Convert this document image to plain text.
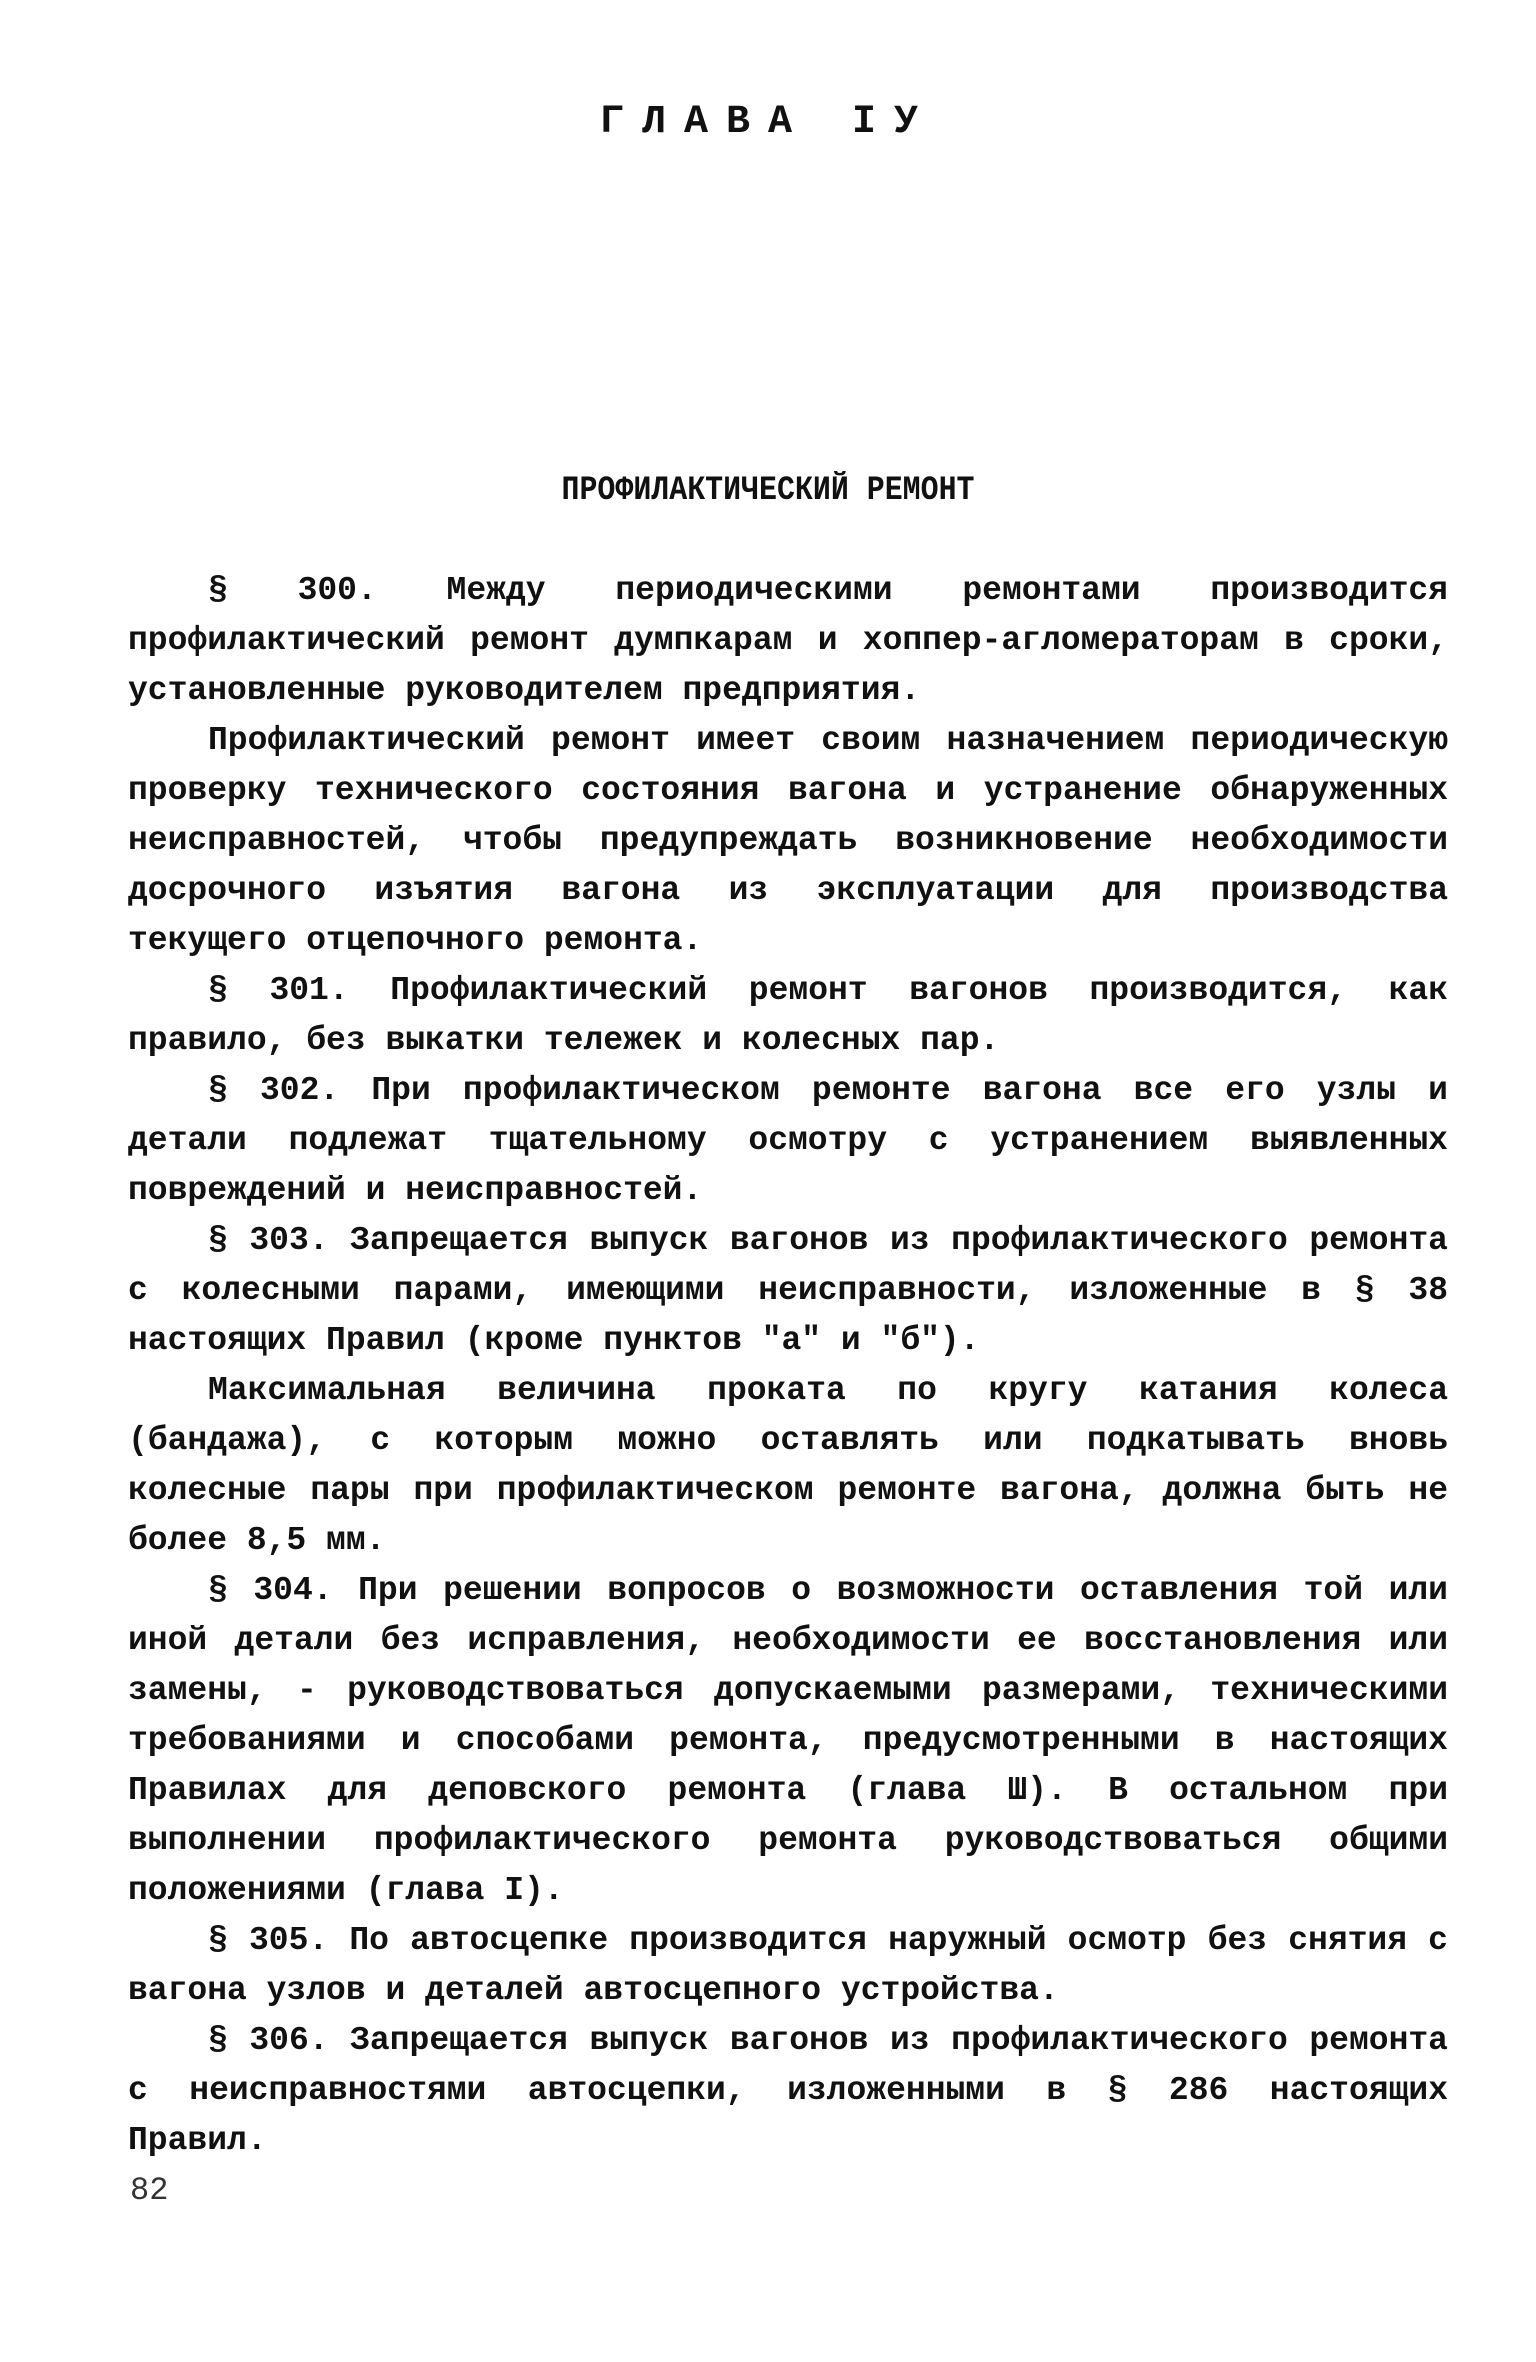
ГЛАВА IУ
ПРОФИЛАКТИЧЕСКИЙ РЕМОНТ

§ 300. Между периодическими ремонтами производится профилактический ремонт думпкарам и хоппер-агломераторам в сроки, установленные руководителем предприятия.

Профилактический ремонт имеет своим назначением периодическую проверку технического состояния вагона и устранение обнаруженных неисправностей, чтобы предупреждать возникновение необходимости досрочного изъятия вагона из эксплуатации для производства текущего отцепочного ремонта.

§ 301. Профилактический ремонт вагонов производится, как правило, без выкатки тележек и колесных пар.

§ 302. При профилактическом ремонте вагона все его узлы и детали подлежат тщательному осмотру с устранением выявленных повреждений и неисправностей.

§ 303. Запрещается выпуск вагонов из профилактического ремонта с колесными парами, имеющими неисправности, изложенные в § 38 настоящих Правил (кроме пунктов "а" и "б").

Максимальная величина проката по кругу катания колеса (бандажа), с которым можно оставлять или подкатывать вновь колесные пары при профилактическом ремонте вагона, должна быть не более 8,5 мм.

§ 304. При решении вопросов о возможности оставления той или иной детали без исправления, необходимости ее восстановления или замены, - руководствоваться допускаемыми размерами, техническими требованиями и способами ремонта, предусмотренными в настоящих Правилах для деповского ремонта (глава Ш). В остальном при выполнении профилактического ремонта руководствоваться общими положениями (глава I).

§ 305. По автосцепке производится наружный осмотр без снятия с вагона узлов и деталей автосцепного устройства.

§ 306. Запрещается выпуск вагонов из профилактического ремонта с неисправностями автосцепки, изложенными в § 286 настоящих Правил.

82
